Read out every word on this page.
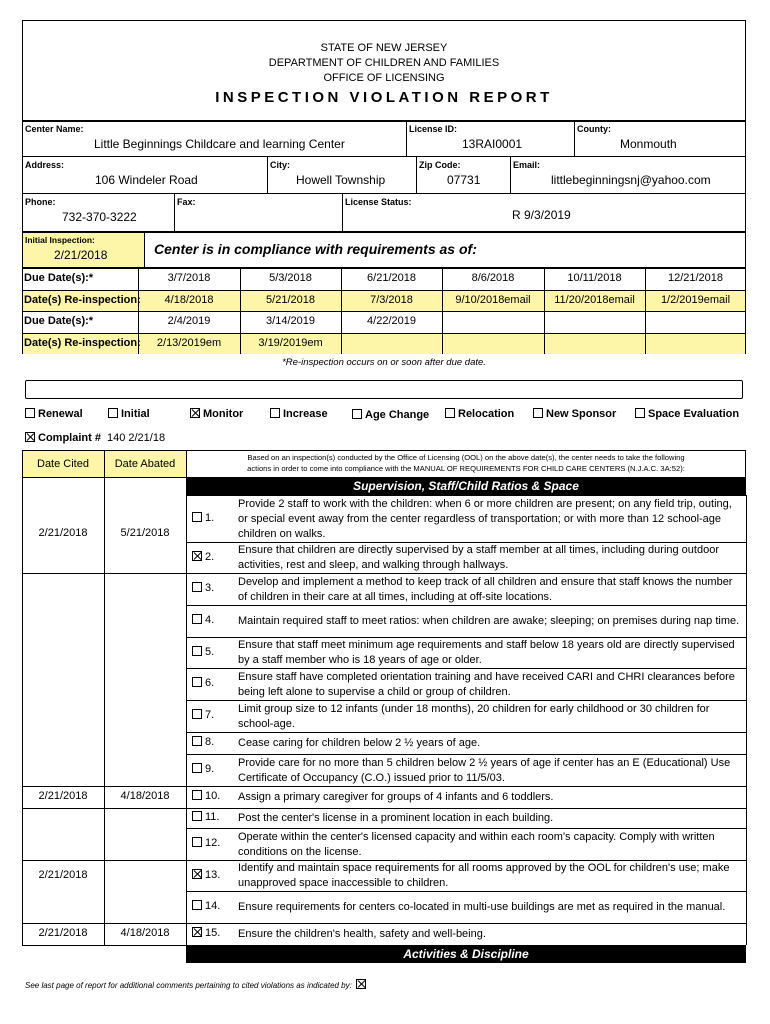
STATE OF NEW JERSEY
DEPARTMENT OF CHILDREN AND FAMILIES
OFFICE OF LICENSING
INSPECTION VIOLATION REPORT
Center Name:
Little Beginnings Childcare and learning Center
License ID:
13RAI0001
County:
Monmouth
Address:
106 Windeler Road
City:
Howell Township
Zip Code:
07731
Email:
littlebeginningsnj@yahoo.com
Phone:
732-370-3222
Fax:	License Status:
R 9/3/2019
Initial Inspection:
2/21/2018	Center is in compliance with requirements as of:
Due Date(s):*	3/7/2018	5/3/2018	6/21/2018	8/6/2018	10/11/2018	12/21/2018
Date(s) Re-inspection:	4/18/2018	5/21/2018	7/3/2018	9/10/2018email	11/20/2018email	1/2/2019email
Due Date(s):*	2/4/2019	3/14/2019	4/22/2019
Date(s) Re-inspection:	2/13/2019em	3/19/2019em
*Re-inspection occurs on or soon after due date.
Renewal	Initial	Monitor	Increase	Age Change	Relocation	New Sponsor	Space Evaluation
Complaint # 140 2/21/18
Date Cited	Date Abated
Based on an inspection(s) conducted by the Office of Licensing (OOL) on the above date(s), the center needs to take the following
actions in order to come into compliance with the MANUAL OF REQUIREMENTS FOR CHILD CARE CENTERS (N.J.A.C. 3A:52):
Supervision, Staff/Child Ratios & Space
1.
Provide 2 staff to work with the children: when 6 or more children are present; on any field trip, outing, or special event away from the center regardless of transportation; or with more than 12 school-age children on walks.
2.
Ensure that children are directly supervised by a staff member at all times, including during outdoor activities, rest and sleep, and walking through hallways.
2/21/2018	5/21/2018
3.
Develop and implement a method to keep track of all children and ensure that staff knows the number of children in their care at all times, including at off-site locations.
4. Maintain required staff to meet ratios: when children are awake; sleeping; on premises during nap time.
5.
Ensure that staff meet minimum age requirements and staff below 18 years old are directly supervised by a staff member who is 18 years of age or older.
6.
Ensure staff have completed orientation training and have received CARI and CHRI clearances before being left alone to supervise a child or group of children.
7.
Limit group size to 12 infants (under 18 months), 20 children for early childhood or 30 children for school-age.
8. Cease caring for children below 2 ½ years of age.
9.
Provide care for no more than 5 children below 2 ½ years of age if center has an E (Educational) Use Certificate of Occupancy (C.O.) issued prior to 11/5/03.
10. Assign a primary caregiver for groups of 4 infants and 6 toddlers.
2/21/2018	4/18/2018
11. Post the center's license in a prominent location in each building.
12.
Operate within the center's licensed capacity and within each room's capacity. Comply with written conditions on the license.
13.
Identify and maintain space requirements for all rooms approved by the OOL for children's use; make unapproved space inaccessible to children.
2/21/2018
14. Ensure requirements for centers co-located in multi-use buildings are met as required in the manual.
15. Ensure the children's health, safety and well-being.
2/21/2018	4/18/2018
Activities & Discipline
See last page of report for additional comments pertaining to cited violations as indicated by:
